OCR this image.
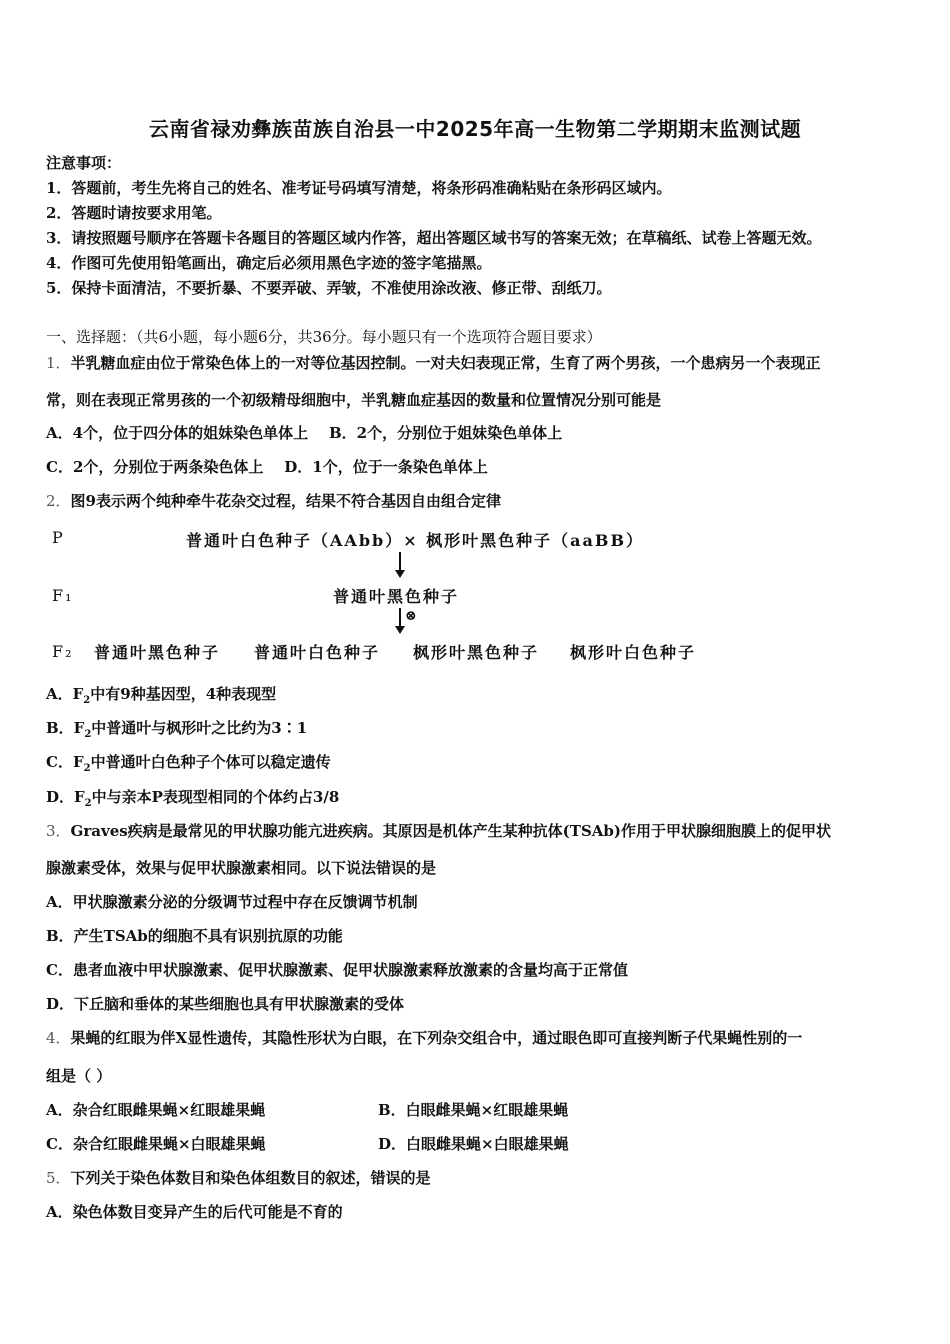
云南省禄劝彝族苗族自治县一中2025年高一生物第二学期期末监测试题
注意事项：
1．答题前，考生先将自己的姓名、准考证号码填写清楚，将条形码准确粘贴在条形码区域内。
2．答题时请按要求用笔。
3．请按照题号顺序在答题卡各题目的答题区域内作答，超出答题区域书写的答案无效；在草稿纸、试卷上答题无效。
4．作图可先使用铅笔画出，确定后必须用黑色字迹的签字笔描黑。
5．保持卡面清洁，不要折暴、不要弄破、弄皱，不准使用涂改液、修正带、刮纸刀。
一、选择题：（共6小题，每小题6分，共36分。每小题只有一个选项符合题目要求）
1．半乳糖血症由位于常染色体上的一对等位基因控制。一对夫妇表现正常，生育了两个男孩，一个患病另一个表现正
常，则在表现正常男孩的一个初级精母细胞中，半乳糖血症基因的数量和位置情况分别可能是
A．4个，位于四分体的姐妹染色单体上 B．2个，分别位于姐妹染色单体上
C．2个，分别位于两条染色体上 D．1个，位于一条染色单体上
2．图9表示两个纯种牵牛花杂交过程，结果不符合基因自由组合定律
P	普通叶白色种子（AAbb）× 枫形叶黑色种子（aaBB）
F₁	普通叶黑色种子
⊗
F₂ 普通叶黑色种子 普通叶白色种子 枫形叶黑色种子 枫形叶白色种子
A．$F_2$中有9种基因型，4种表现型
B．$F_2$中普通叶与枫形叶之比约为3∶1
C．$F_2$中普通叶白色种子个体可以稳定遗传
D．$F_2$中与亲本P表现型相同的个体约占3/8
3．Graves疾病是最常见的甲状腺功能亢进疾病。其原因是机体产生某种抗体(TSAb)作用于甲状腺细胞膜上的促甲状
腺激素受体，效果与促甲状腺激素相同。以下说法错误的是
A．甲状腺激素分泌的分级调节过程中存在反馈调节机制
B．产生TSAb的细胞不具有识别抗原的功能
C．患者血液中甲状腺激素、促甲状腺激素、促甲状腺激素释放激素的含量均高于正常值
D．下丘脑和垂体的某些细胞也具有甲状腺激素的受体
4．果蝇的红眼为伴X显性遗传，其隐性形状为白眼，在下列杂交组合中，通过眼色即可直接判断子代果蝇性别的一
组是（ ）
A．杂合红眼雌果蝇×红眼雄果蝇	B．白眼雌果蝇×红眼雄果蝇
C．杂合红眼雌果蝇×白眼雄果蝇	D．白眼雌果蝇×白眼雄果蝇
5．下列关于染色体数目和染色体组数目的叙述，错误的是
A．染色体数目变异产生的后代可能是不育的
